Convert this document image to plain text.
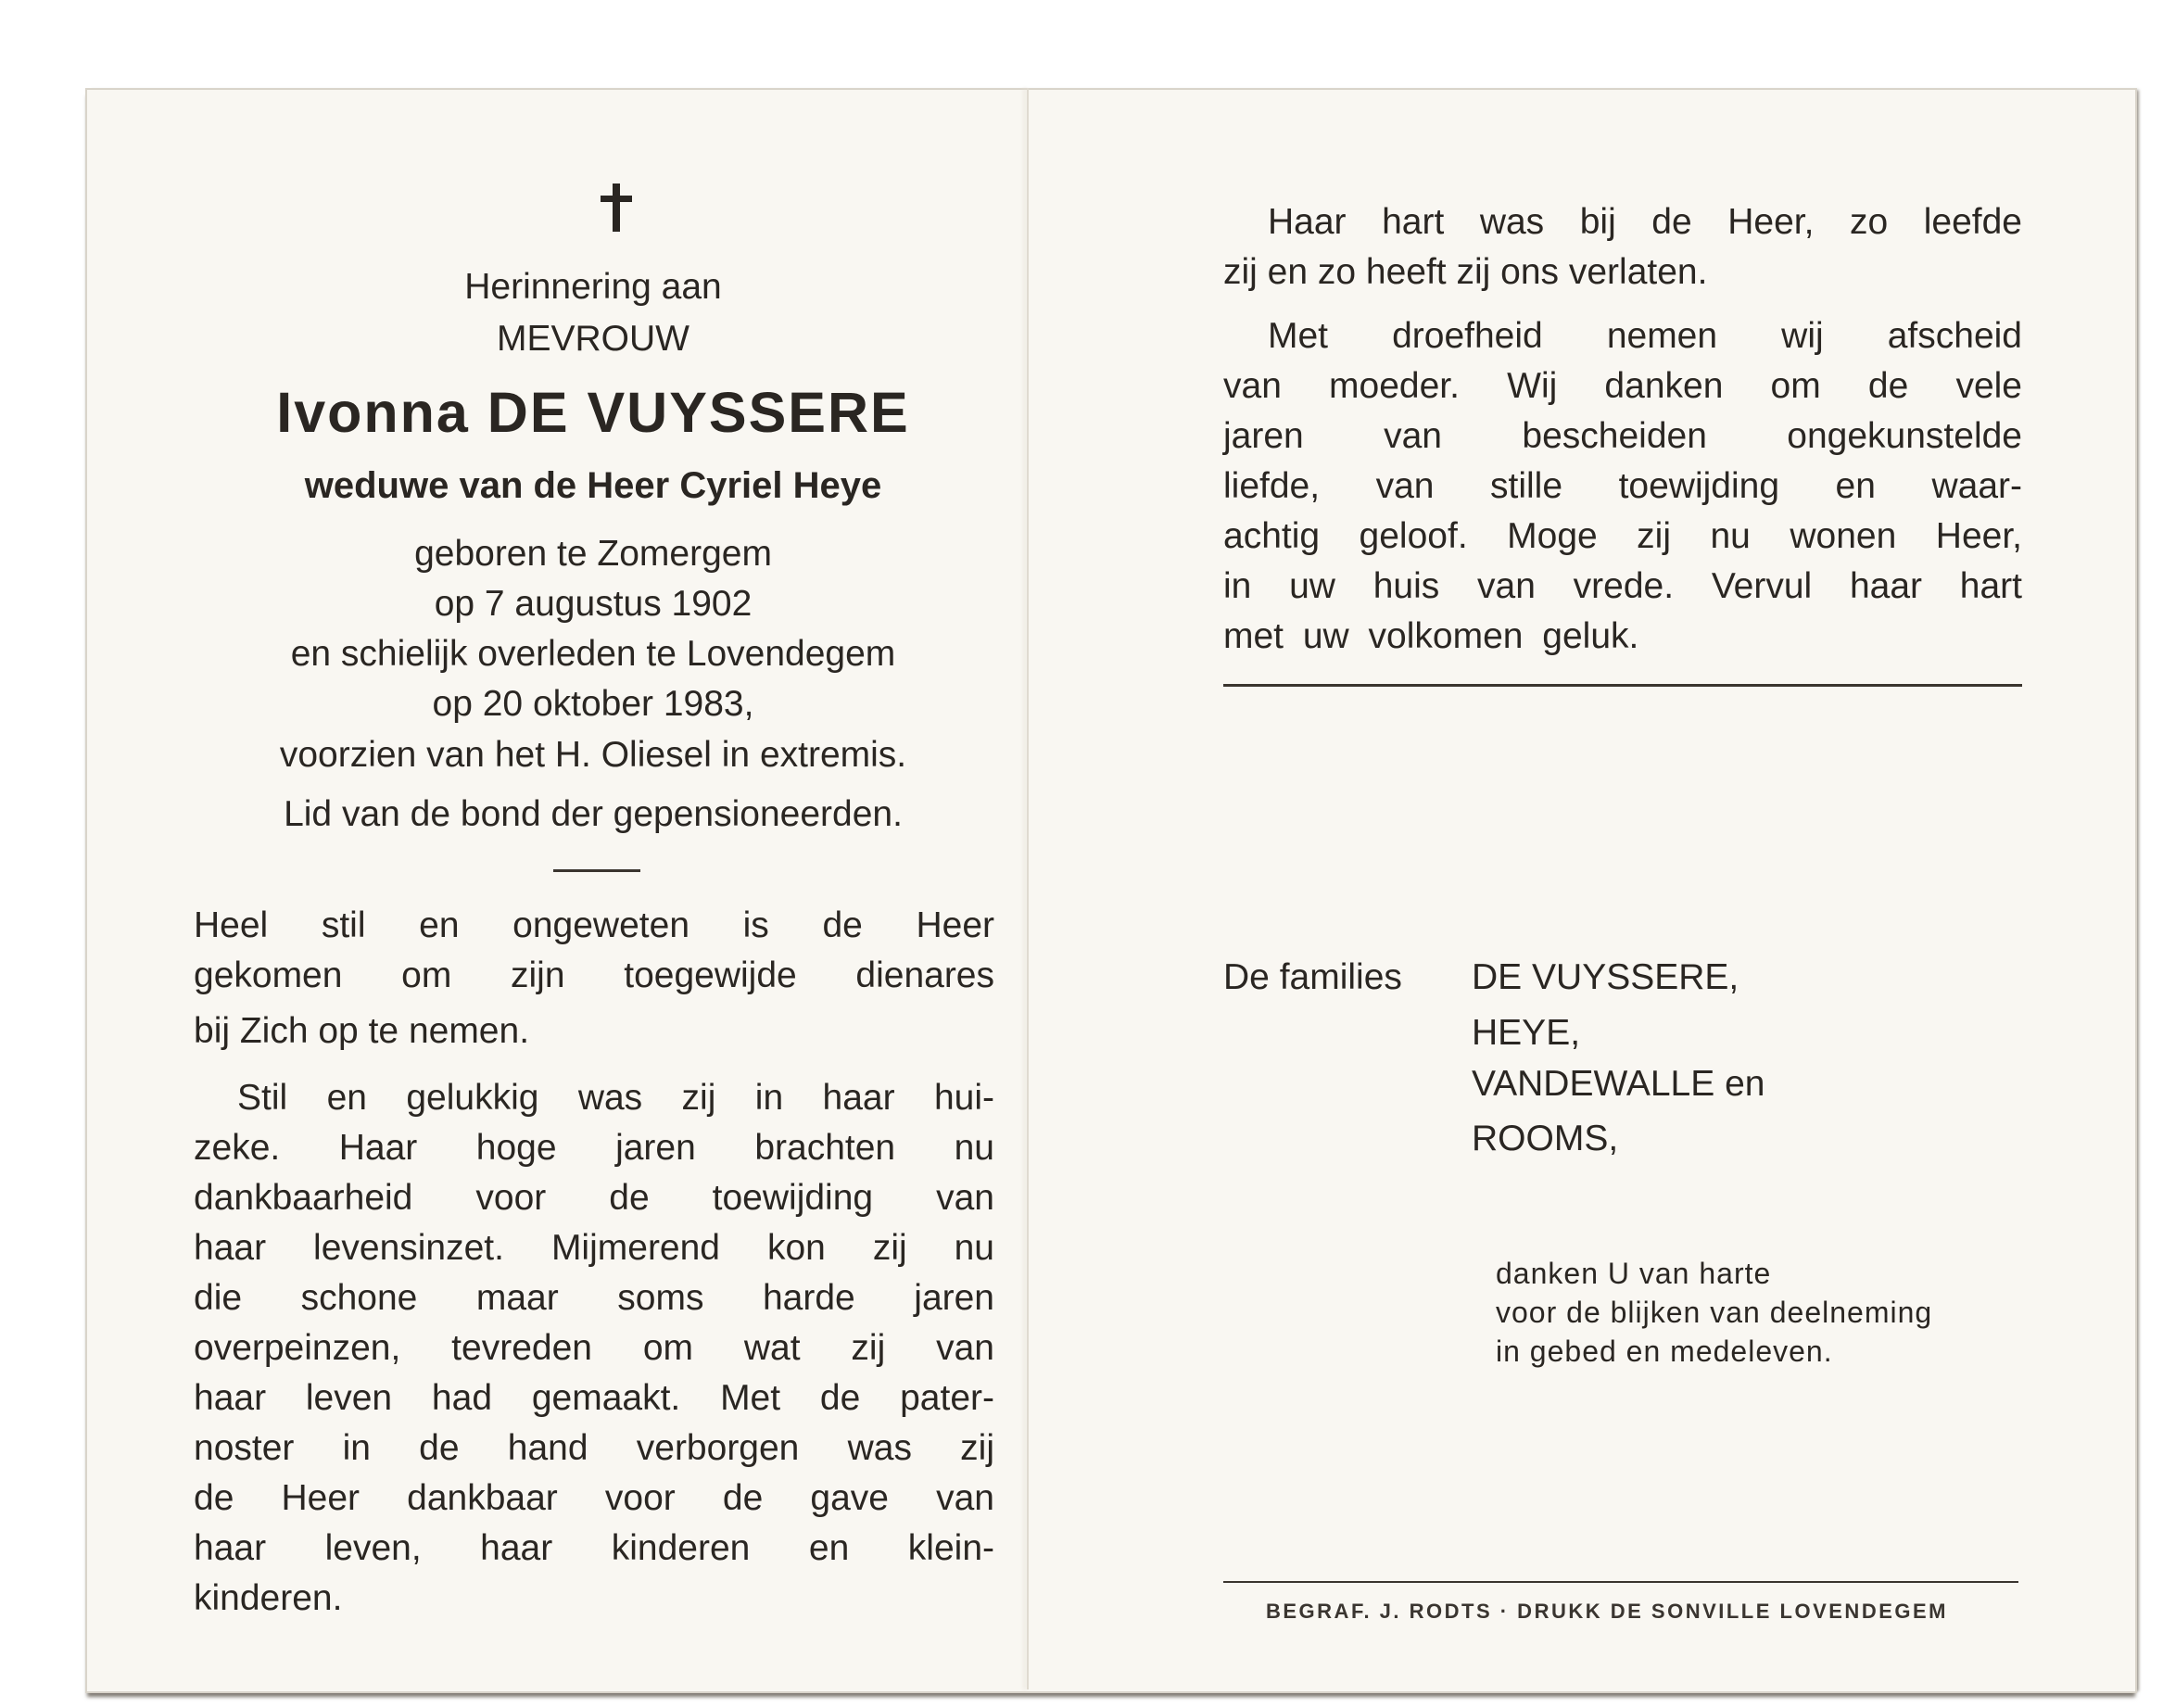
Herinnering aan
MEVROUW
Ivonna DE VUYSSERE
weduwe van de Heer Cyriel Heye
geboren te Zomergem
op 7 augustus 1902
en schielijk overleden te Lovendegem
op 20 oktober 1983,
voorzien van het H. Oliesel in extremis.
Lid van de bond der gepensioneerden.
Heel stil en ongeweten is de Heer
gekomen om zijn toegewijde dienares
bij Zich op te nemen.
Stil en gelukkig was zij in haar hui-
zeke. Haar hoge jaren brachten nu
dankbaarheid voor de toewijding van
haar levensinzet. Mijmerend kon zij nu
die schone maar soms harde jaren
overpeinzen, tevreden om wat zij van
haar leven had gemaakt. Met de pater-
noster in de hand verborgen was zij
de Heer dankbaar voor de gave van
haar leven, haar kinderen en klein-
kinderen.
Haar hart was bij de Heer, zo leefde
zij en zo heeft zij ons verlaten.
Met droefheid nemen wij afscheid
van moeder. Wij danken om de vele
jaren van bescheiden ongekunstelde
liefde, van stille toewijding en waar-
achtig geloof. Moge zij nu wonen Heer,
in uw huis van vrede. Vervul haar hart
met uw volkomen geluk.
De families	DE VUYSSERE,
HEYE,
VANDEWALLE en
ROOMS,
danken U van harte
voor de blijken van deelneming
in gebed en medeleven.
BEGRAF. J. RODTS · DRUKK DE SONVILLE LOVENDEGEM
